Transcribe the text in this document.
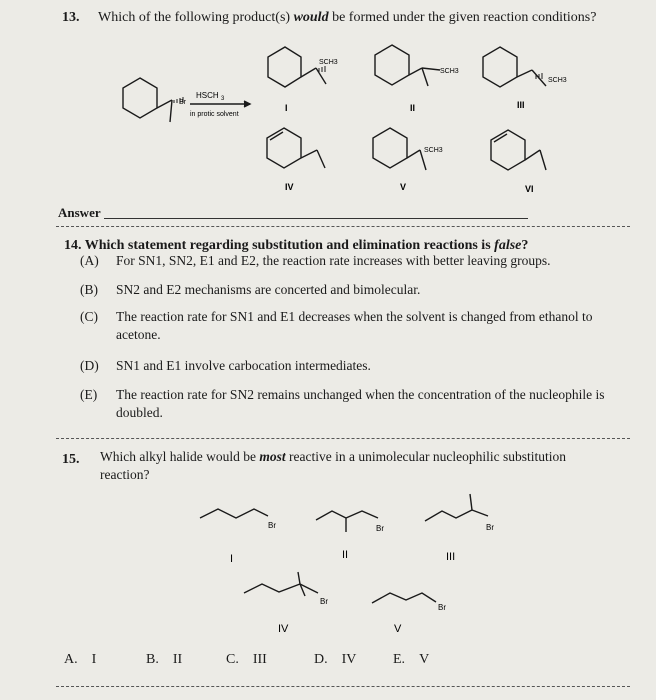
13. Which of the following product(s) would be formed under the given reaction conditions?
Br
HSCH 3
in protic solvent
SCH3
SCH3
SCH3
SCH3
I	II	III
IV	V	VI
Answer
14. Which statement regarding substitution and elimination reactions is false?
(A) For SN1, SN2, E1 and E2, the reaction rate increases with better leaving groups.
(B) SN2 and E2 mechanisms are concerted and bimolecular.
(C) The reaction rate for SN1 and E1 decreases when the solvent is changed from ethanol to
acetone.
(D) SN1 and E1 involve carbocation intermediates.
(E) The reaction rate for SN2 remains unchanged when the concentration of the nucleophile is
doubled.
15. Which alkyl halide would be most reactive in a unimolecular nucleophilic substitution
reaction?
Br	Br	Br
Br
Br
I	II	III
IV	V
A. I	B. II	C. III	D. IV	E. V
